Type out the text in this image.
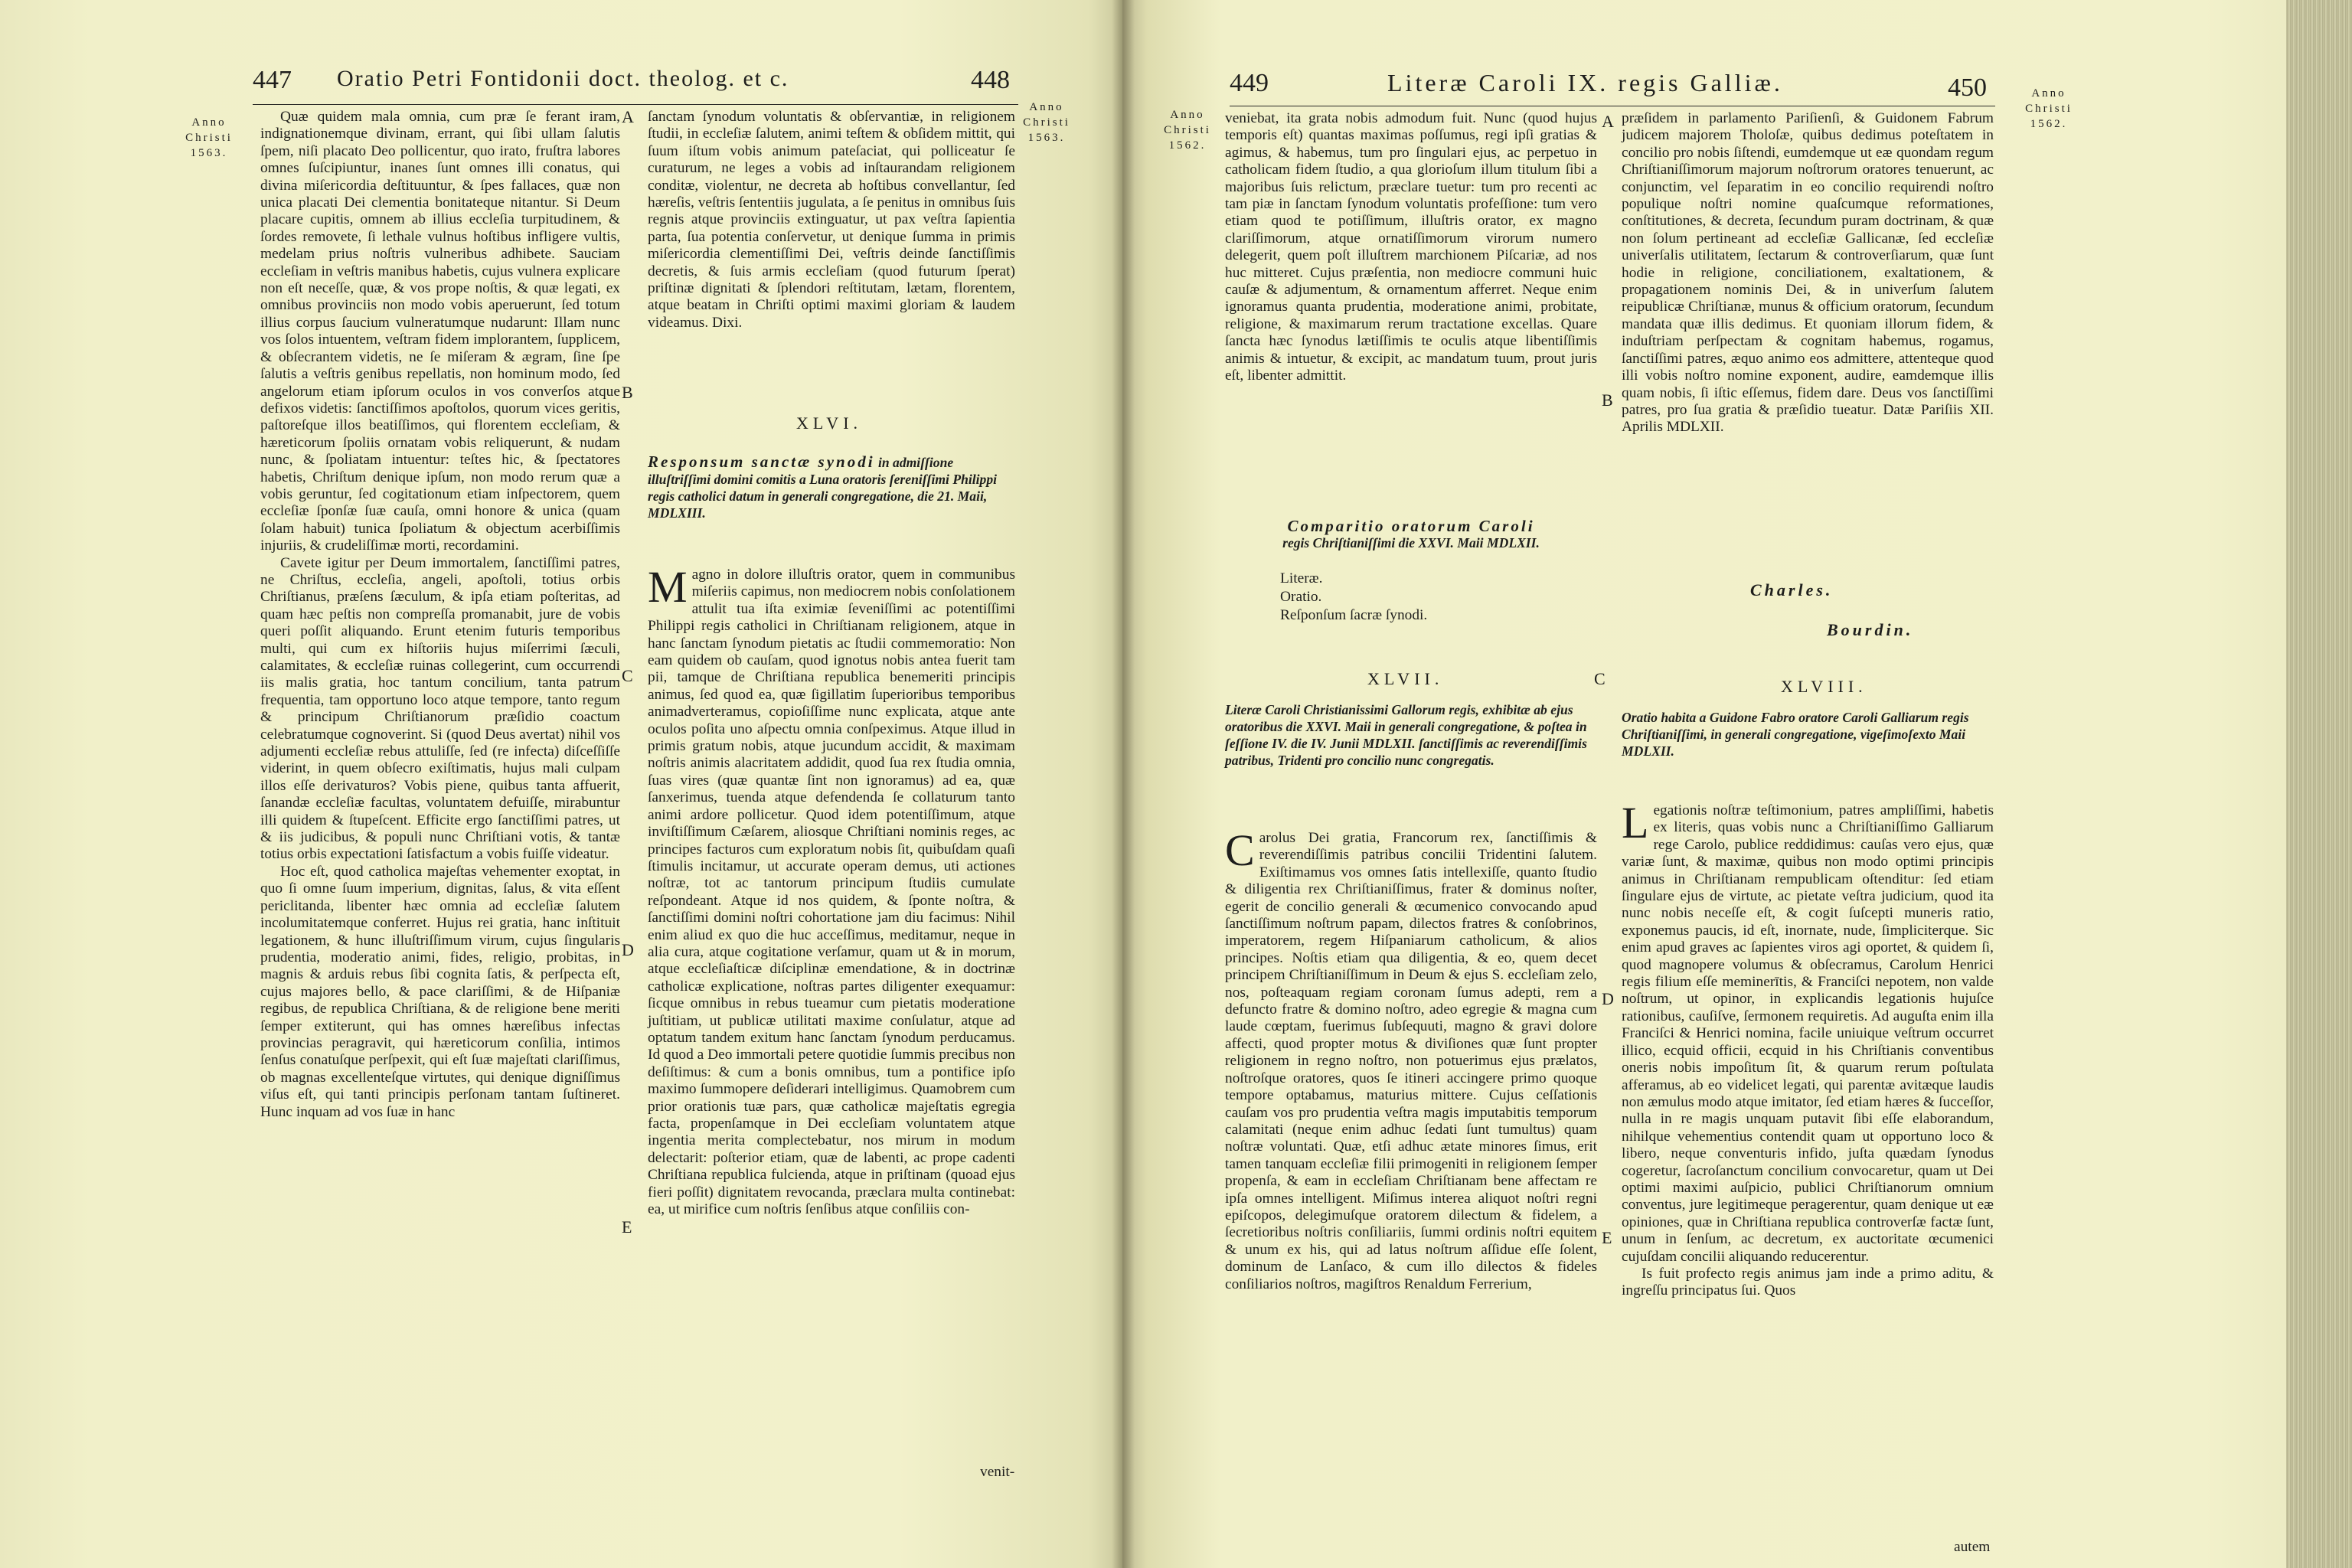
447 Oratio Petri Fontidonii doct. theolog. et c.	448
Anno
Christi
1563.
Anno
Christi
1563.
A
B
C
D
E

Quæ quidem mala omnia, cum præ ſe ferant iram, indignationemque divinam, errant, qui ſibi ullam ſalutis ſpem, niſi placato Deo pollicentur, quo irato, fruſtra labores omnes ſuſcipiuntur, inanes ſunt omnes illi conatus, qui divina miſericordia deſtituuntur, & ſpes fallaces, quæ non unica placati Dei clementia bonitateque nitantur. Si Deum placare cupitis, omnem ab illius eccleſia turpitudinem, & ſordes removete, ſi lethale vulnus hoſtibus infligere vultis, medelam prius noſtris vulneribus adhibete. Sauciam eccleſiam in veſtris manibus habetis, cujus vulnera explicare non eſt neceſſe, quæ, & vos prope noſtis, & quæ legati, ex omnibus provinciis non modo vobis aperuerunt, ſed totum illius corpus ſaucium vulneratumque nudarunt: Illam nunc vos ſolos intuentem, veſtram fidem implorantem, ſupplicem, & obſecrantem videtis, ne ſe miſeram & ægram, ſine ſpe ſalutis a veſtris genibus repellatis, non hominum modo, ſed angelorum etiam ipſorum oculos in vos converſos atque defixos videtis: ſanctiſſimos apoſtolos, quorum vices geritis, paſtoreſque illos beatiſſimos, qui florentem eccleſiam, & hæreticorum ſpoliis ornatam vobis reliquerunt, & nudam nunc, & ſpoliatam intuentur: teſtes hic, & ſpectatores habetis, Chriſtum denique ipſum, non modo rerum quæ a vobis geruntur, ſed cogitationum etiam inſpectorem, quem eccleſiæ ſponſæ ſuæ cauſa, omni honore & unica (quam ſolam habuit) tunica ſpoliatum & objectum acerbiſſimis injuriis, & crudeliſſimæ morti, recordamini.

Cavete igitur per Deum immortalem, ſanctiſſimi patres, ne Chriſtus, eccleſia, angeli, apoſtoli, totius orbis Chriſtianus, præſens ſæculum, & ipſa etiam poſteritas, ad quam hæc peſtis non compreſſa promanabit, jure de vobis queri poſſit aliquando. Erunt etenim futuris temporibus multi, qui cum ex hiſtoriis hujus miſerrimi ſæculi, calamitates, & eccleſiæ ruinas collegerint, cum occurrendi iis malis gratia, hoc tantum concilium, tanta patrum frequentia, tam opportuno loco atque tempore, tanto regum & principum Chriſtianorum præſidio coactum celebratumque cognoverint. Si (quod Deus avertat) nihil vos adjumenti eccleſiæ rebus attuliſſe, ſed (re infecta) diſceſſiſſe viderint, in quem obſecro exiſtimatis, hujus mali culpam illos eſſe derivaturos? Vobis piene, quibus tanta affuerit, ſanandæ eccleſiæ facultas, voluntatem defuiſſe, mirabuntur illi quidem & ſtupeſcent. Efficite ergo ſanctiſſimi patres, ut & iis judicibus, & populi nunc Chriſtiani votis, & tantæ totius orbis expectationi ſatisfactum a vobis fuiſſe videatur.

Hoc eſt, quod catholica majeſtas vehementer exoptat, in quo ſi omne ſuum imperium, dignitas, ſalus, & vita eſſent periclitanda, libenter hæc omnia ad eccleſiæ ſalutem incolumitatemque conferret. Hujus rei gratia, hanc inſtituit legationem, & hunc illuſtriſſimum virum, cujus ſingularis prudentia, moderatio animi, fides, religio, probitas, in magnis & arduis rebus ſibi cognita ſatis, & perſpecta eſt, cujus majores bello, & pace clariſſimi, & de Hiſpaniæ regibus, de republica Chriſtiana, & de religione bene meriti ſemper extiterunt, qui has omnes hæreſibus infectas provincias peragravit, qui hæreticorum conſilia, intimos ſenſus conatuſque perſpexit, qui eſt ſuæ majeſtati clariſſimus, ob magnas excellenteſque virtutes, qui denique digniſſimus viſus eſt, qui tanti principis perſonam tantam ſuſtineret. Hunc inquam ad vos ſuæ in hanc

ſanctam ſynodum voluntatis & obſervantiæ, in religionem ſtudii, in eccleſiæ ſalutem, animi teſtem & obſidem mittit, qui ſuum iſtum vobis animum pateſaciat, qui polliceatur ſe curaturum, ne leges a vobis ad inſtaurandam religionem conditæ, violentur, ne decreta ab hoſtibus convellantur, ſed hæreſis, veſtris ſententiis jugulata, a ſe penitus in omnibus ſuis regnis atque provinciis extinguatur, ut pax veſtra ſapientia parta, ſua potentia conſervetur, ut denique ſumma in primis miſericordia clementiſſimi Dei, veſtris deinde ſanctiſſimis decretis, & ſuis armis eccleſiam (quod futurum ſperat) priſtinæ dignitati & ſplendori reſtitutam, lætam, florentem, atque beatam in Chriſti optimi maximi gloriam & laudem videamus. Dixi.

XLVI.
Responsum sanctæ synodi in admiſſione illuſtriſſimi domini comitis a Luna oratoris ſereniſſimi Philippi regis catholici datum in generali congregatione, die 21. Maii, MDLXIII.
M agno in dolore illuſtris orator, quem in communibus miſeriis capimus, non mediocrem nobis conſolationem attulit tua iſta eximiæ ſeveniſſimi ac potentiſſimi Philippi regis catholici in Chriſtianam religionem, atque in hanc ſanctam ſynodum pietatis ac ſtudii commemoratio: Non eam quidem ob cauſam, quod ignotus nobis antea fuerit tam pii, tamque de Chriſtiana republica benemeriti principis animus, ſed quod ea, quæ ſigillatim ſuperioribus temporibus animadverteramus, copioſiſſime nunc explicata, atque ante oculos poſita uno aſpectu omnia conſpeximus. Atque illud in primis gratum nobis, atque jucundum accidit, & maximam noſtris animis alacritatem addidit, quod ſua rex ſtudia omnia, ſuas vires (quæ quantæ ſint non ignoramus) ad ea, quæ ſanxerimus, tuenda atque defendenda ſe collaturum tanto animi ardore pollicetur. Quod idem potentiſſimum, atque inviſtiſſimum Cæſarem, aliosque Chriſtiani nominis reges, ac principes facturos cum exploratum nobis ſit, quibuſdam quaſi ſtimulis incitamur, ut accurate operam demus, uti actiones noſtræ, tot ac tantorum principum ſtudiis cumulate reſpondeant. Atque id nos quidem, & ſponte noſtra, & ſanctiſſimi domini noſtri cohortatione jam diu facimus: Nihil enim aliud ex quo die huc acceſſimus, meditamur, neque in alia cura, atque cogitatione verſamur, quam ut & in morum, atque eccleſiaſticæ diſciplinæ emendatione, & in doctrinæ catholicæ explicatione, noſtras partes diligenter exequamur: ſicque omnibus in rebus tueamur cum pietatis moderatione juſtitiam, ut publicæ utilitati maxime conſulatur, atque ad optatum tandem exitum hanc ſanctam ſynodum perducamus. Id quod a Deo immortali petere quotidie ſummis precibus non deſiſtimus: & cum a bonis omnibus, tum a pontifice ipſo maximo ſummopere deſiderari intelligimus. Quamobrem cum prior orationis tuæ pars, quæ catholicæ majeſtatis egregia facta, propenſamque in Dei eccleſiam voluntatem atque ingentia merita complectebatur, nos mirum in modum delectarit: poſterior etiam, quæ de labenti, ac prope cadenti Chriſtiana republica fulcienda, atque in priſtinam (quoad ejus fieri poſſit) dignitatem revocanda, præclara multa continebat: ea, ut mirifice cum noſtris ſenſibus atque conſiliis con-
venit-
449	Literæ Caroli IX. regis Galliæ.	450
Anno
Christi
1562.
Anno
Christi
1562.
A
B
C
D
E

veniebat, ita grata nobis admodum fuit. Nunc (quod hujus temporis eſt) quantas maximas poſſumus, regi ipſi gratias & agimus, & habemus, tum pro ſingulari ejus, ac perpetuo in catholicam fidem ſtudio, a qua glorioſum illum titulum ſibi a majoribus ſuis relictum, præclare tuetur: tum pro recenti ac tam piæ in ſanctam ſynodum voluntatis profeſſione: tum vero etiam quod te potiſſimum, illuſtris orator, ex magno clariſſimorum, atque ornatiſſimorum virorum numero delegerit, quem poſt illuſtrem marchionem Piſcariæ, ad nos huc mitteret. Cujus præſentia, non mediocre communi huic cauſæ & adjumentum, & ornamentum afferret. Neque enim ignoramus quanta prudentia, moderatione animi, probitate, religione, & maximarum rerum tractatione excellas. Quare ſancta hæc ſynodus lætiſſimis te oculis atque libentiſſimis animis & intuetur, & excipit, ac mandatum tuum, prout juris eſt, libenter admittit.

Comparitio oratorum Caroli
regis Chriſtianiſſimi die XXVI. Maii MDLXII.
Literæ.
Oratio.
Reſponſum ſacræ ſynodi.
XLVII.
Literæ Caroli Christianissimi Gallorum regis, exhibitæ ab ejus oratoribus die XXVI. Maii in generali congregatione, & poſtea in ſeſſione IV. die IV. Junii MDLXII. ſanctiſſimis ac reverendiſſimis patribus, Tridenti pro concilio nunc congregatis.
C arolus Dei gratia, Francorum rex, ſanctiſſimis & reverendiſſimis patribus concilii Tridentini ſalutem. Exiſtimamus vos omnes ſatis intellexiſſe, quanto ſtudio & diligentia rex Chriſtianiſſimus, frater & dominus noſter, egerit de concilio generali & œcumenico convocando apud ſanctiſſimum noſtrum papam, dilectos fratres & conſobrinos, imperatorem, regem Hiſpaniarum catholicum, & alios principes. Noſtis etiam qua diligentia, & eo, quem decet principem Chriſtianiſſimum in Deum & ejus S. eccleſiam zelo, nos, poſteaquam regiam coronam ſumus adepti, rem a defuncto fratre & domino noſtro, adeo egregie & magna cum laude cœptam, fuerimus ſubſequuti, magno & gravi dolore affecti, quod propter motus & diviſiones quæ ſunt propter religionem in regno noſtro, non potuerimus ejus prælatos, noſtroſque oratores, quos ſe itineri accingere primo quoque tempore optabamus, maturius mittere. Cujus ceſſationis cauſam vos pro prudentia veſtra magis imputabitis temporum calamitati (neque enim adhuc ſedati ſunt tumultus) quam noſtræ voluntati. Quæ, etſi adhuc ætate minores ſimus, erit tamen tanquam eccleſiæ filii primogeniti in religionem ſemper propenſa, & eam in eccleſiam Chriſtianam bene affectam re ipſa omnes intelligent. Miſimus interea aliquot noſtri regni epiſcopos, delegimuſque oratorem dilectum & fidelem, a ſecretioribus noſtris conſiliariis, ſummi ordinis noſtri equitem & unum ex his, qui ad latus noſtrum aſſidue eſſe ſolent, dominum de Lanſaco, & cum illo dilectos & fideles conſiliarios noſtros, magiſtros Renaldum Ferrerium,

præſidem in parlamento Pariſienſi, & Guidonem Fabrum judicem majorem Tholoſæ, quibus dedimus poteſtatem in concilio pro nobis ſiſtendi, eumdemque ut eæ quondam regum Chriſtianiſſimorum majorum noſtrorum oratores tenuerunt, ac conjunctim, vel ſeparatim in eo concilio requirendi noſtro populique noſtri nomine quaſcumque reformationes, conſtitutiones, & decreta, ſecundum puram doctrinam, & quæ non ſolum pertineant ad eccleſiæ Gallicanæ, ſed eccleſiæ univerſalis utilitatem, ſectarum & controverſiarum, quæ ſunt hodie in religione, conciliationem, exaltationem, & propagationem nominis Dei, & in univerſum ſalutem reipublicæ Chriſtianæ, munus & officium oratorum, ſecundum mandata quæ illis dedimus. Et quoniam illorum fidem, & induſtriam perſpectam & cognitam habemus, rogamus, ſanctiſſimi patres, æquo animo eos admittere, attenteque quod illi vobis noſtro nomine exponent, audire, eamdemque illis quam nobis, ſi iſtic eſſemus, fidem dare. Deus vos ſanctiſſimi patres, pro ſua gratia & præſidio tueatur. Datæ Pariſiis XII. Aprilis MDLXII.

Charles.
Bourdin.
XLVIII.
Oratio habita a Guidone Fabro oratore Caroli Galliarum regis Chriſtianiſſimi, in generali congregatione, vigeſimoſexto Maii MDLXII.
L egationis noſtræ teſtimonium, patres ampliſſimi, habetis ex literis, quas vobis nunc a Chriſtianiſſimo Galliarum rege Carolo, publice reddidimus: cauſas vero ejus, quæ variæ ſunt, & maximæ, quibus non modo optimi principis animus in Chriſtianam rempublicam oſtenditur: ſed etiam ſingulare ejus de virtute, ac pietate veſtra judicium, quod ita nunc nobis neceſſe eſt, & cogit ſuſcepti muneris ratio, exponemus paucis, id eſt, inornate, nude, ſimpliciterque. Sic enim apud graves ac ſapientes viros agi oportet, & quidem ſi, quod magnopere volumus & obſecramus, Carolum Henrici regis filium eſſe meminerītis, & Franciſci nepotem, non valde noſtrum, ut opinor, in explicandis legationis hujuſce rationibus, cauſiſve, ſermonem requiretis. Ad auguſta enim illa Franciſci & Henrici nomina, facile uniuique veſtrum occurret illico, ecquid officii, ecquid in his Chriſtianis conventibus oneris nobis impoſitum ſit, & quarum rerum poſtulata afferamus, ab eo videlicet legati, qui parentæ avitæque laudis non æmulus modo atque imitator, ſed etiam hæres & ſucceſſor, nulla in re magis unquam putavit ſibi eſſe elaborandum, nihilque vehementius contendit quam ut opportuno loco & libero, neque conventuris infido, juſta quædam ſynodus cogeretur, ſacroſanctum concilium convocaretur, quam ut Dei optimi maximi auſpicio, publici Chriſtianorum omnium conventus, jure legitimeque peragerentur, quam denique ut eæ opiniones, quæ in Chriſtiana republica controverſæ factæ ſunt, unum in ſenſum, ac decretum, ex auctoritate œcumenici cujuſdam concilii aliquando reducerentur.

Is fuit profecto regis animus jam inde a primo aditu, & ingreſſu principatus ſui. Quos

autem
